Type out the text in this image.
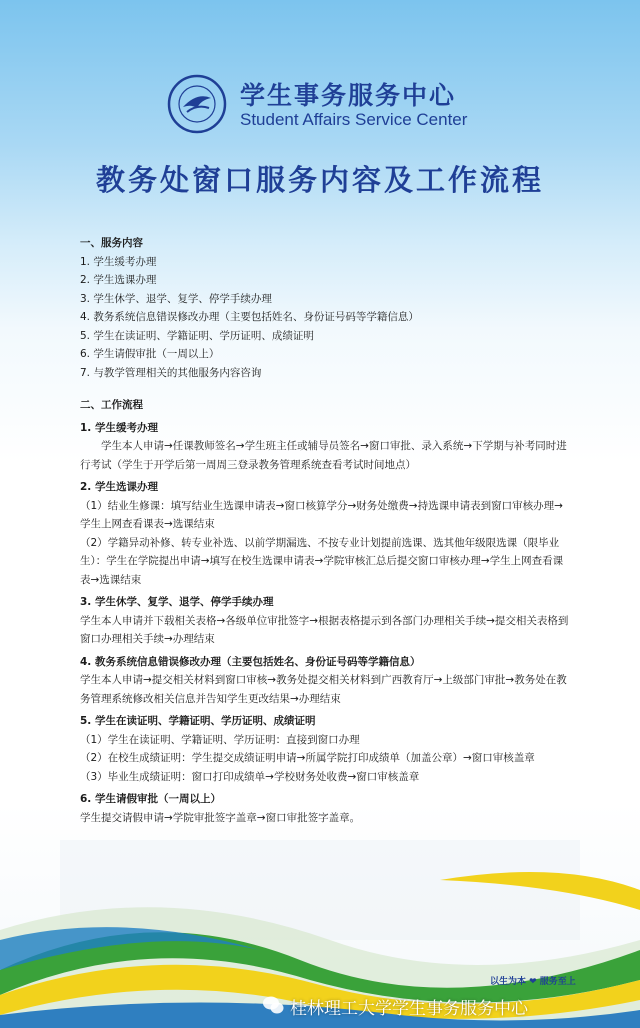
学生事务服务中心
Student Affairs Service Center
教务处窗口服务内容及工作流程
一、服务内容
1. 学生缓考办理
2. 学生选课办理
3. 学生休学、退学、复学、停学手续办理
4. 教务系统信息错误修改办理（主要包括姓名、身份证号码等学籍信息）
5. 学生在读证明、学籍证明、学历证明、成绩证明
6. 学生请假审批（一周以上）
7. 与教学管理相关的其他服务内容咨询
二、工作流程
1. 学生缓考办理
学生本人申请→任课教师签名→学生班主任或辅导员签名→窗口审批、录入系统→下学期与补考同时进行考试（学生于开学后第一周周三登录教务管理系统查看考试时间地点）
2. 学生选课办理
（1）结业生修课：填写结业生选课申请表→窗口核算学分→财务处缴费→持选课申请表到窗口审核办理→学生上网查看课表→选课结束
（2）学籍异动补修、转专业补选、以前学期漏选、不按专业计划提前选课、选其他年级限选课（限毕业生）：学生在学院提出申请→填写在校生选课申请表→学院审核汇总后提交窗口审核办理→学生上网查看课表→选课结束
3. 学生休学、复学、退学、停学手续办理
学生本人申请并下载相关表格→各级单位审批签字→根据表格提示到各部门办理相关手续→提交相关表格到窗口办理相关手续→办理结束
4. 教务系统信息错误修改办理（主要包括姓名、身份证号码等学籍信息）
学生本人申请→提交相关材料到窗口审核→教务处提交相关材料到广西教育厅→上级部门审批→教务处在教务管理系统修改相关信息并告知学生更改结果→办理结束
5. 学生在读证明、学籍证明、学历证明、成绩证明
（1）学生在读证明、学籍证明、学历证明：直接到窗口办理
（2）在校生成绩证明：学生提交成绩证明申请→所属学院打印成绩单（加盖公章）→窗口审核盖章
（3）毕业生成绩证明：窗口打印成绩单→学校财务处收费→窗口审核盖章
6. 学生请假审批（一周以上）
学生提交请假申请→学院审批签字盖章→窗口审批签字盖章。
以生为本 ❤ 服务至上
桂林理工大学学生事务服务中心
